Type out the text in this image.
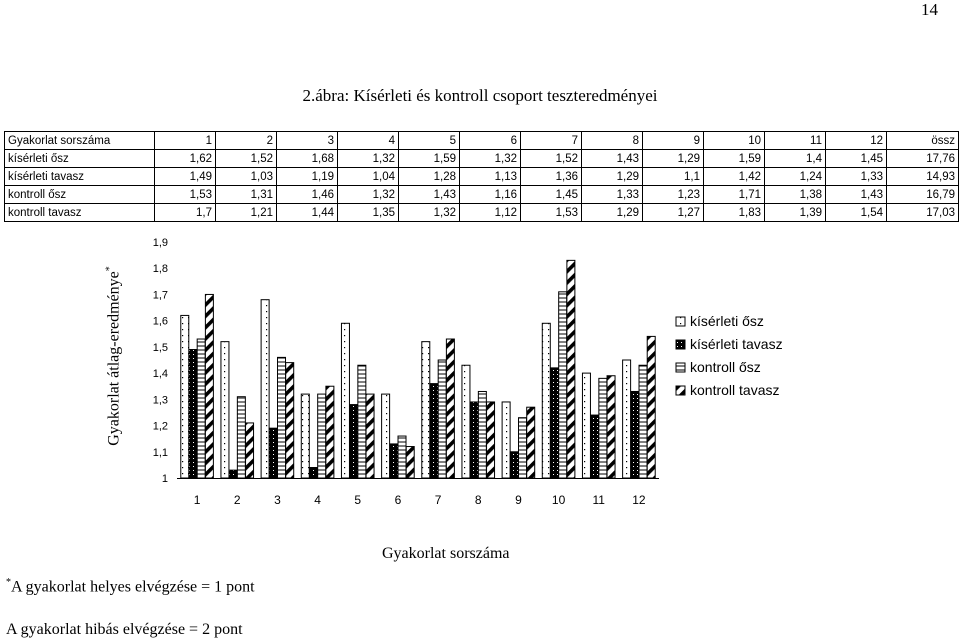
14
2.ábra: Kísérleti és kontroll csoport teszteredményei
Gyakorlat sorszáma	1	2	3	4	5	6	7	8	9	10	11	12	össz
kísérleti ősz	1,62	1,52	1,68	1,32	1,59	1,32	1,52	1,43	1,29	1,59	1,4	1,45	17,76
kísérleti tavasz	1,49	1,03	1,19	1,04	1,28	1,13	1,36	1,29	1,1	1,42	1,24	1,33	14,93
kontroll ősz	1,53	1,31	1,46	1,32	1,43	1,16	1,45	1,33	1,23	1,71	1,38	1,43	16,79
kontroll tavasz	1,7	1,21	1,44	1,35	1,32	1,12	1,53	1,29	1,27	1,83	1,39	1,54	17,03
1
1,1
1,2
1,3
1,4
1,5
1,6
1,7
1,8
1,9
1	2	3	4	5	6	7	8	9	10 11 12
kísérleti ősz
kísérleti tavasz
kontroll ősz
kontroll tavasz
Gyakorlat átlag-eredménye*
Gyakorlat sorszáma
*A gyakorlat helyes elvégzése = 1 pont
A gyakorlat hibás elvégzése = 2 pont
